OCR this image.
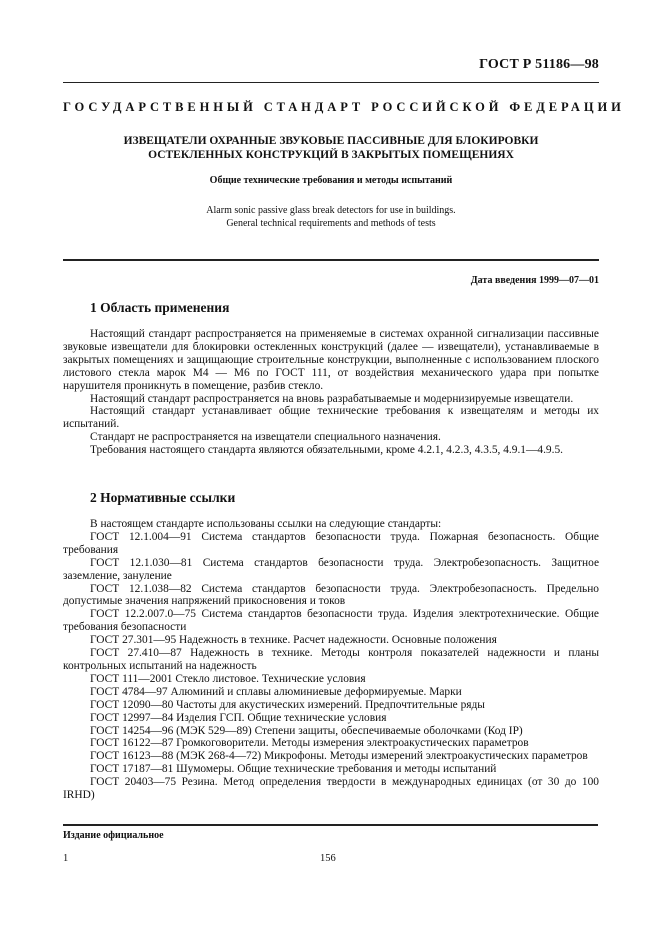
ГОСТ Р 51186—98
ГОСУДАРСТВЕННЫЙ СТАНДАРТ РОССИЙСКОЙ ФЕДЕРАЦИИ
ИЗВЕЩАТЕЛИ ОХРАННЫЕ ЗВУКОВЫЕ ПАССИВНЫЕ ДЛЯ БЛОКИРОВКИ
ОСТЕКЛЕННЫХ КОНСТРУКЦИЙ В ЗАКРЫТЫХ ПОМЕЩЕНИЯХ
Общие технические требования и методы испытаний
Alarm sonic passive glass break detectors for use in buildings.
General technical requirements and methods of tests
Дата введения 1999—07—01
1 Область применения

Настоящий стандарт распространяется на применяемые в системах охранной сигнализации пассивные звуковые извещатели для блокировки остекленных конструкций (далее — извещатели), устанавливаемые в закрытых помещениях и защищающие строительные конструкции, выполненные с использованием плоского листового стекла марок М4 — М6 по ГОСТ 111, от воздействия механического удара при попытке нарушителя проникнуть в помещение, разбив стекло.

Настоящий стандарт распространяется на вновь разрабатываемые и модернизируемые извещатели.

Настоящий стандарт устанавливает общие технические требования к извещателям и методы их испытаний.

Стандарт не распространяется на извещатели специального назначения.

Требования настоящего стандарта являются обязательными, кроме 4.2.1, 4.2.3, 4.3.5, 4.9.1—4.9.5.

2 Нормативные ссылки

В настоящем стандарте использованы ссылки на следующие стандарты:

ГОСТ 12.1.004—91 Система стандартов безопасности труда. Пожарная безопасность. Общие требования

ГОСТ 12.1.030—81 Система стандартов безопасности труда. Электробезопасность. Защитное заземление, зануление

ГОСТ 12.1.038—82 Система стандартов безопасности труда. Электробезопасность. Предельно допустимые значения напряжений прикосновения и токов

ГОСТ 12.2.007.0—75 Система стандартов безопасности труда. Изделия электротехнические. Общие требования безопасности

ГОСТ 27.301—95 Надежность в технике. Расчет надежности. Основные положения

ГОСТ 27.410—87 Надежность в технике. Методы контроля показателей надежности и планы контрольных испытаний на надежность

ГОСТ 111—2001 Стекло листовое. Технические условия

ГОСТ 4784—97 Алюминий и сплавы алюминиевые деформируемые. Марки

ГОСТ 12090—80 Частоты для акустических измерений. Предпочтительные ряды

ГОСТ 12997—84 Изделия ГСП. Общие технические условия

ГОСТ 14254—96 (МЭК 529—89) Степени защиты, обеспечиваемые оболочками (Код IP)

ГОСТ 16122—87 Громкоговорители. Методы измерения электроакустических параметров

ГОСТ 16123—88 (МЭК 268-4—72) Микрофоны. Методы измерений электроакустических параметров

ГОСТ 17187—81 Шумомеры. Общие технические требования и методы испытаний

ГОСТ 20403—75 Резина. Метод определения твердости в международных единицах (от 30 до 100 IRHD)

Издание официальное
1	156
